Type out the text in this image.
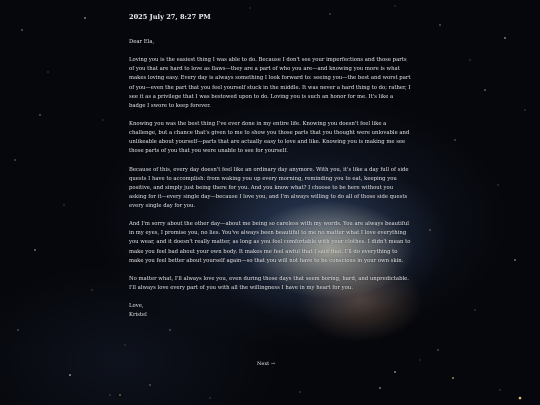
2025 July 27, 8:27 PM

Dear Ela,

Loving you is the easiest thing I was able to do. Because I don't see your imperfections and those parts of you that are hard to love as flaws—they are a part of who you are—and knowing you more is what makes loving easy. Every day is always something I look forward to: seeing you—the best and worst part of you—even the part that you feel yourself stuck in the middle. It was never a hard thing to do; rather, I see it as a privilege that I was bestowed upon to do. Loving you is such an honor for me. It's like a badge I swore to keep forever.

Knowing you was the best thing I've ever done in my entire life. Knowing you doesn't feel like a challenge, but a chance that's given to me to show you those parts that you thought were unlovable and unlikeable about yourself—parts that are actually easy to love and like. Knowing you is making me see those parts of you that you were unable to see for yourself.

Because of this, every day doesn't feel like an ordinary day anymore. With you, it's like a day full of side quests I have to accomplish: from waking you up every morning, reminding you to eat, keeping you positive, and simply just being there for you. And you know what? I choose to be here without you asking for it—every single day—because I love you, and I'm always willing to do all of those side quests every single day for you.

And I'm sorry about the other day—about me being so careless with my words. You are always beautiful in my eyes, I promise you, no lies. You've always been beautiful to me no matter what I love everything you wear, and it doesn't really matter, as long as you feel comfortable with your clothes. I didn't mean to make you feel bad about your own body. It makes me feel awful that I said that. I'll do everything to make you feel better about yourself again—so that you will not have to be conscious in your own skin.

No matter what, I'll always love you, even during those days that seem boring, hard, and unpredictable. I'll always love every part of you with all the willingness I have in my heart for you.

Love,
Kristel

Next →
